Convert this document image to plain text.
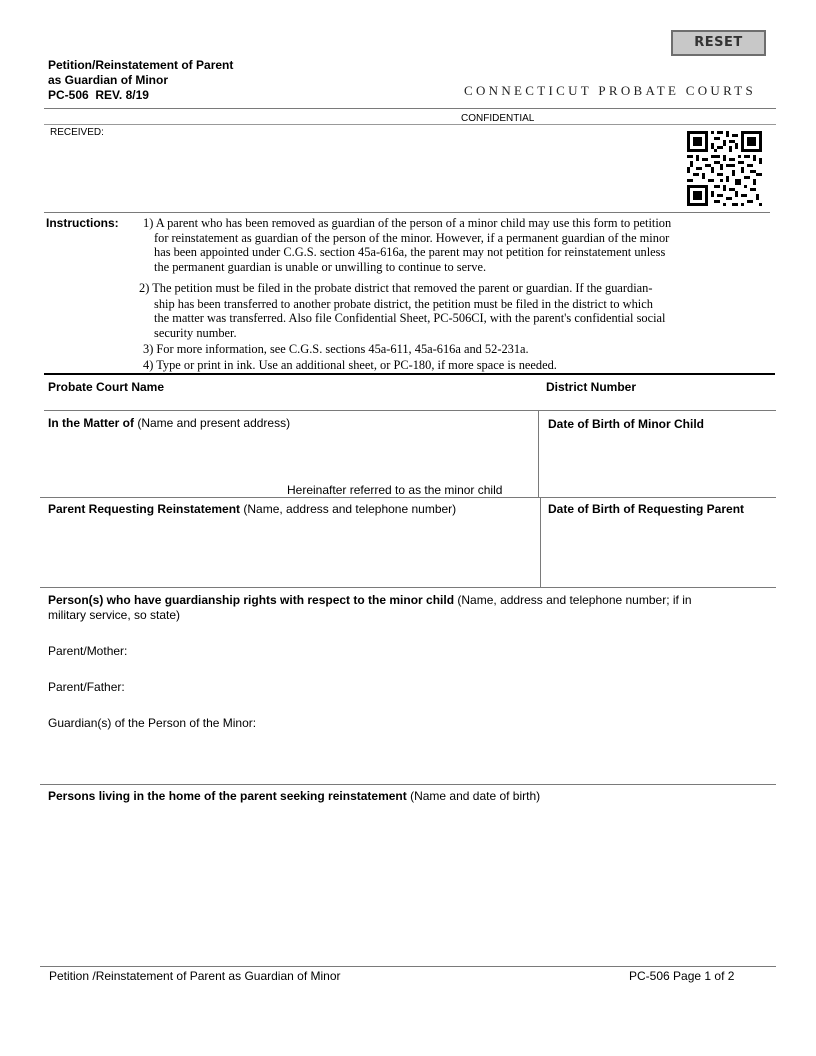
RESET
Petition/Reinstatement of Parent
as Guardian of Minor
PC-506  REV. 8/19	CONNECTICUT PROBATE COURTS
CONFIDENTIAL
RECEIVED:
Instructions: 1) A parent who has been removed as guardian of the person of a minor child may use this form to petition
for reinstatement as guardian of the person of the minor. However, if a permanent guardian of the minor
has been appointed under C.G.S. section 45a-616a, the parent may not petition for reinstatement unless
the permanent guardian is unable or unwilling to continue to serve.
2) The petition must be filed in the probate district that removed the parent or guardian. If the guardian-
ship has been transferred to another probate district, the petition must be filed in the district to which
the matter was transferred. Also file Confidential Sheet, PC-506CI, with the parent's confidential social
security number.
3) For more information, see C.G.S. sections 45a-611, 45a-616a and 52-231a.
4) Type or print in ink. Use an additional sheet, or PC-180, if more space is needed.
Probate Court Name	District Number
In the Matter of (Name and present address)	Date of Birth of Minor Child
Hereinafter referred to as the minor child
Parent Requesting Reinstatement (Name, address and telephone number)	Date of Birth of Requesting Parent
Person(s) who have guardianship rights with respect to the minor child (Name, address and telephone number; if in
military service, so state)
Parent/Mother:
Parent/Father:
Guardian(s) of the Person of the Minor:
Persons living in the home of the parent seeking reinstatement (Name and date of birth)
Petition /Reinstatement of Parent as Guardian of Minor	PC-506 Page 1 of 2
